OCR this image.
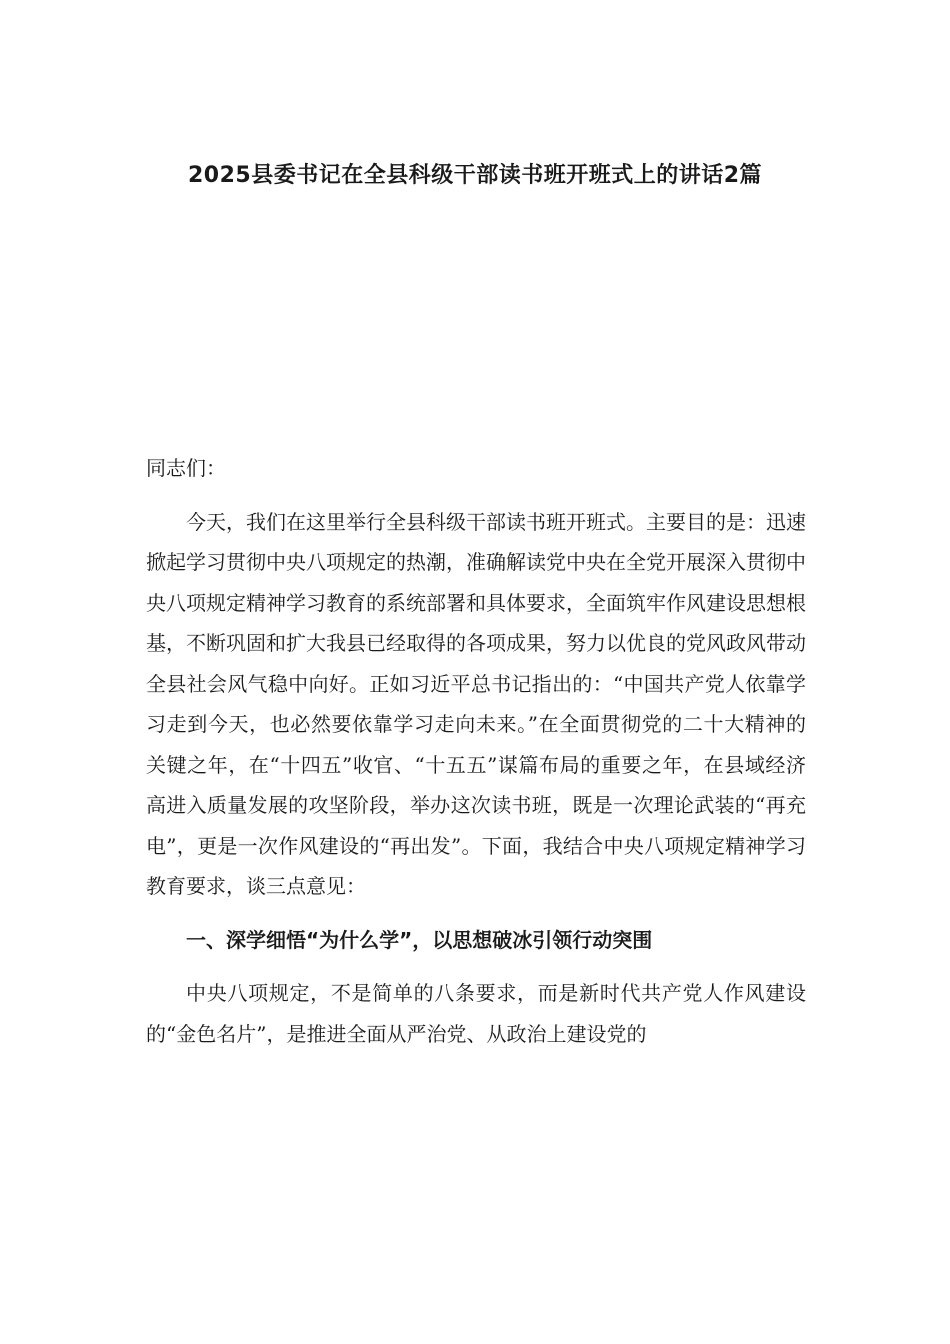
2025县委书记在全县科级干部读书班开班式上的讲话2篇

同志们：

今天，我们在这里举行全县科级干部读书班开班式。主要目的是：迅速掀起学习贯彻中央八项规定的热潮，准确解读党中央在全党开展深入贯彻中央八项规定精神学习教育的系统部署和具体要求，全面筑牢作风建设思想根基，不断巩固和扩大我县已经取得的各项成果，努力以优良的党风政风带动全县社会风气稳中向好。正如习近平总书记指出的：“中国共产党人依靠学习走到今天，也必然要依靠学习走向未来。”在全面贯彻党的二十大精神的关键之年，在“十四五”收官、“十五五”谋篇布局的重要之年，在县域经济高进入质量发展的攻坚阶段，举办这次读书班，既是一次理论武装的“再充电”，更是一次作风建设的“再出发”。下面，我结合中央八项规定精神学习教育要求，谈三点意见：

一、深学细悟“为什么学”，以思想破冰引领行动突围

中央八项规定，不是简单的八条要求，而是新时代共产党人作风建设的“金色名片”，是推进全面从严治党、从政治上建设党的
